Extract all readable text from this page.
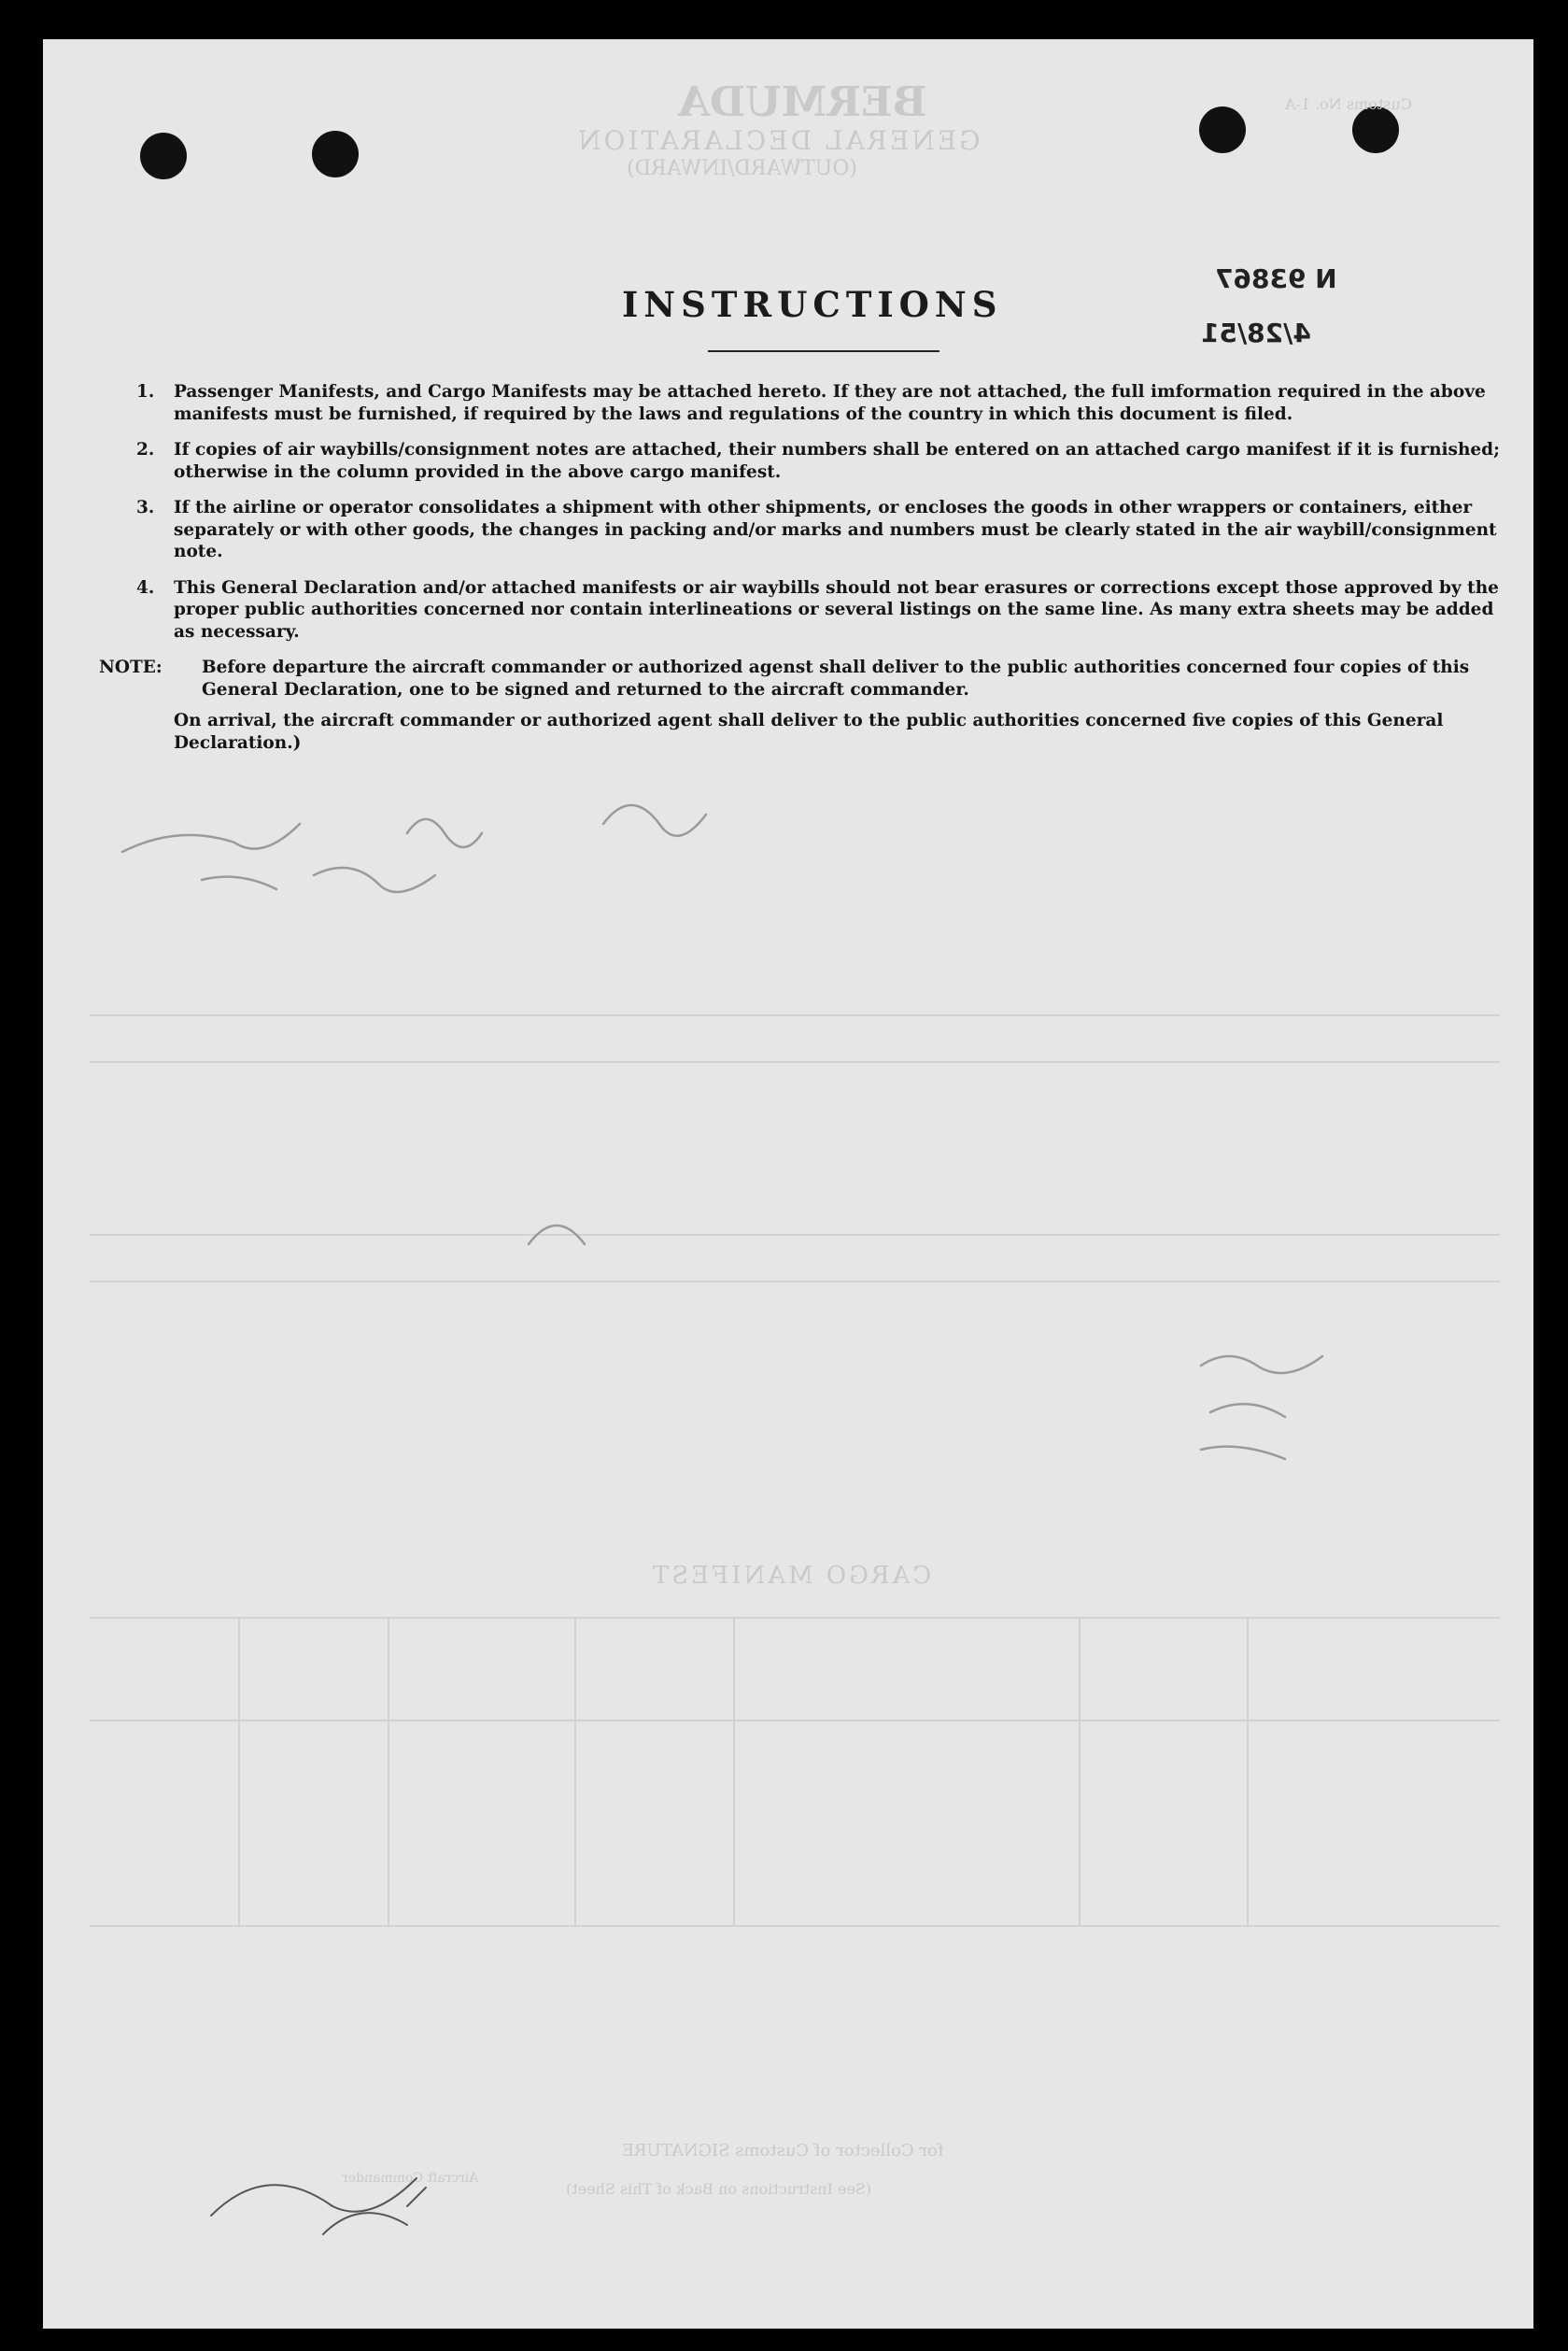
BERMUDA
GENERAL DECLARATION
(OUTWARD/INWARD)
Customs No. 1-A
CARGO MANIFEST
Aircraft Commander
for Collector of Customs SIGNATURE
(See Instructions on Back of This Sheet)
N 93867
4/28/51
INSTRUCTIONS
1. Passenger Manifests, and Cargo Manifests may be attached hereto. If they are not attached, the full imformation required in the above manifests must be furnished, if required by the laws and regulations of the country in which this document is filed.
2. If copies of air waybills/consignment notes are attached, their numbers shall be entered on an attached cargo manifest if it is furnished; otherwise in the column provided in the above cargo manifest.
3. If the airline or operator consolidates a shipment with other shipments, or encloses the goods in other wrappers or containers, either separately or with other goods, the changes in packing and/or marks and numbers must be clearly stated in the air waybill/consignment note.
4. This General Declaration and/or attached manifests or air waybills should not bear erasures or corrections except those approved by the proper public authorities concerned nor contain interlineations or several listings on the same line. As many extra sheets may be added as necessary.
NOTE: Before departure the aircraft commander or authorized agenst shall deliver to the public authorities concerned four copies of this General Declaration, one to be signed and returned to the aircraft commander.

On arrival, the aircraft commander or authorized agent shall deliver to the public authorities concerned five copies of this General Declaration.)
